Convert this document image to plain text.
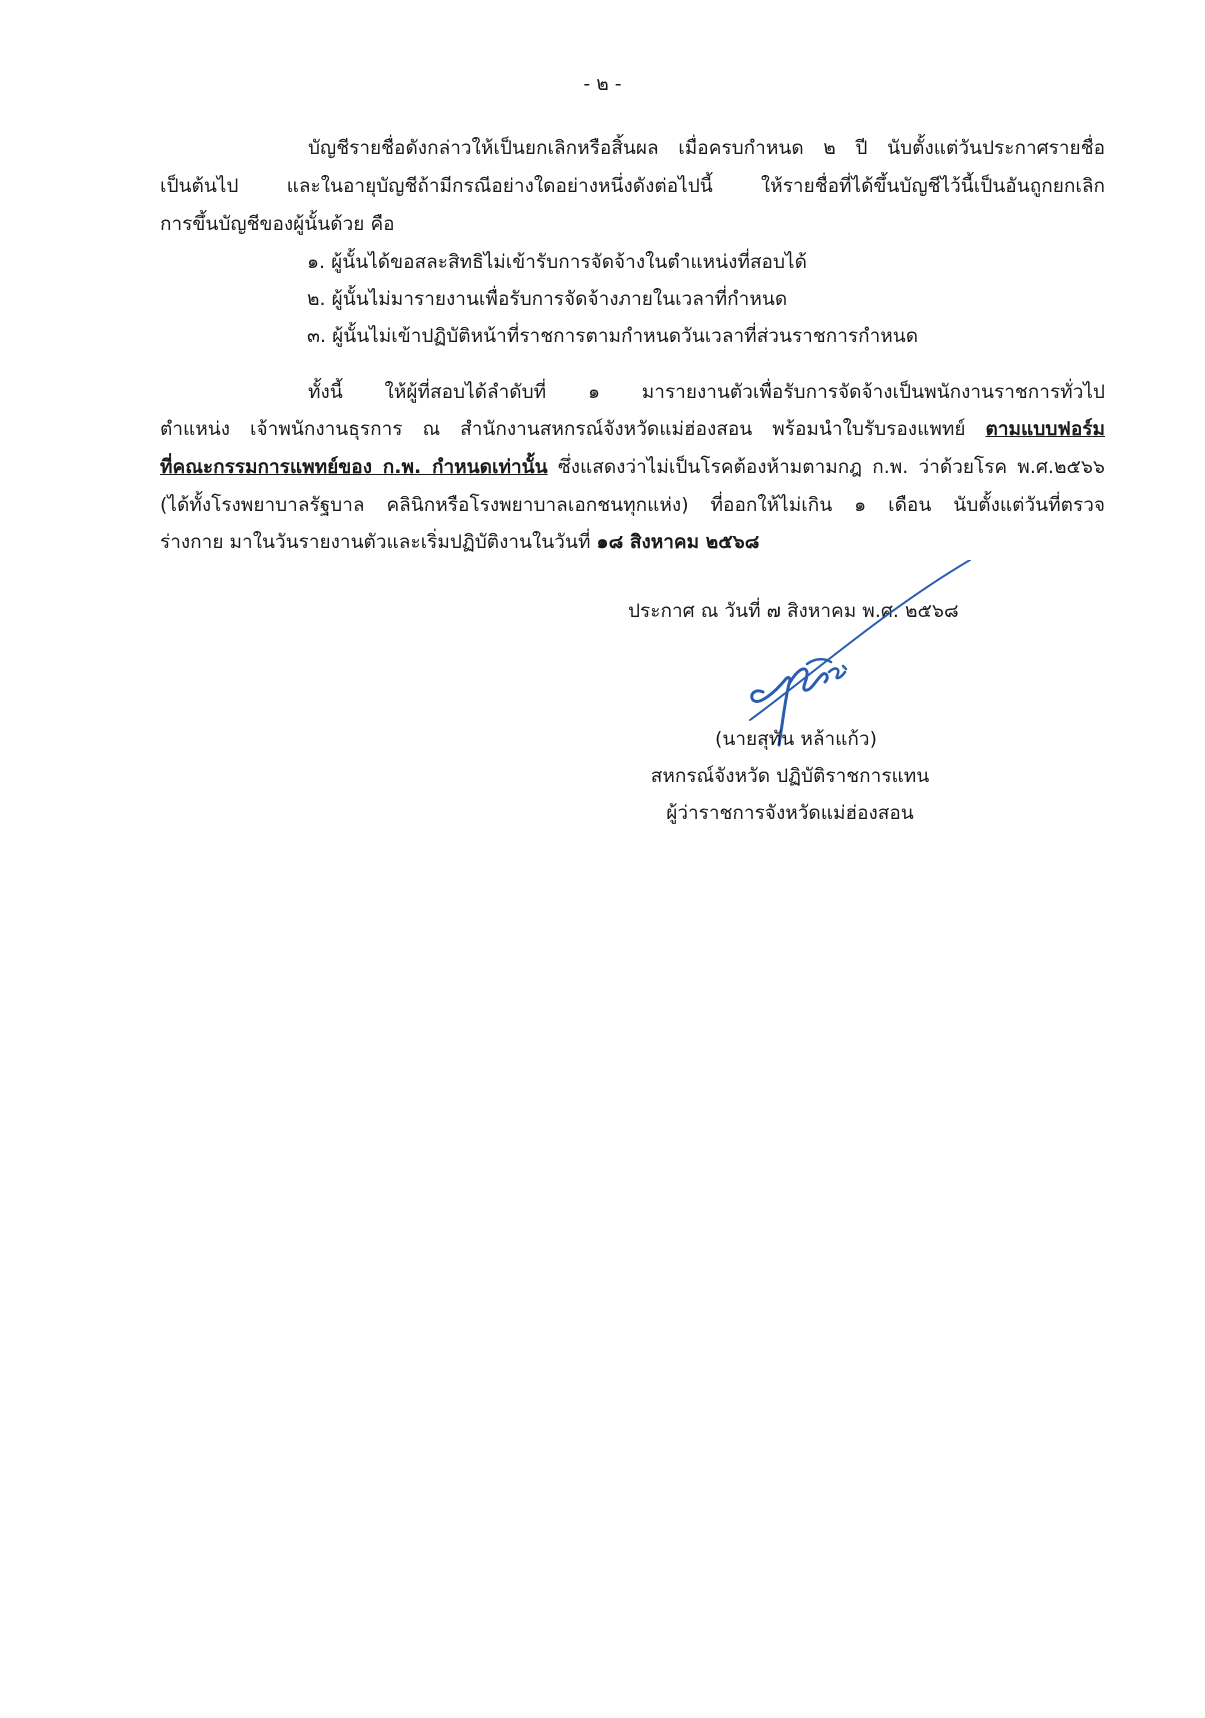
- ๒ -
บัญชีรายชื่อดังกล่าวให้เป็นยกเลิกหรือสิ้นผล เมื่อครบกำหนด ๒ ปี นับตั้งแต่วันประกาศรายชื่อ
เป็นต้นไป และในอายุบัญชีถ้ามีกรณีอย่างใดอย่างหนึ่งดังต่อไปนี้ ให้รายชื่อที่ได้ขึ้นบัญชีไว้นี้เป็นอันถูกยกเลิก
การขึ้นบัญชีของผู้นั้นด้วย คือ
๑. ผู้นั้นได้ขอสละสิทธิไม่เข้ารับการจัดจ้างในตำแหน่งที่สอบได้
๒. ผู้นั้นไม่มารายงานเพื่อรับการจัดจ้างภายในเวลาที่กำหนด
๓. ผู้นั้นไม่เข้าปฏิบัติหน้าที่ราชการตามกำหนดวันเวลาที่ส่วนราชการกำหนด
ทั้งนี้ ให้ผู้ที่สอบได้ลำดับที่ ๑ มารายงานตัวเพื่อรับการจัดจ้างเป็นพนักงานราชการทั่วไป
ตำแหน่ง เจ้าพนักงานธุรการ ณ สำนักงานสหกรณ์จังหวัดแม่ฮ่องสอน พร้อมนำใบรับรองแพทย์ ตามแบบฟอร์ม
ที่คณะกรรมการแพทย์ของ ก.พ. กำหนดเท่านั้น ซึ่งแสดงว่าไม่เป็นโรคต้องห้ามตามกฎ ก.พ. ว่าด้วยโรค พ.ศ.๒๕๖๖
(ได้ทั้งโรงพยาบาลรัฐบาล คลินิกหรือโรงพยาบาลเอกชนทุกแห่ง) ที่ออกให้ไม่เกิน ๑ เดือน นับตั้งแต่วันที่ตรวจ
ร่างกาย มาในวันรายงานตัวและเริ่มปฏิบัติงานในวันที่ ๑๘ สิงหาคม ๒๕๖๘
ประกาศ ณ วันที่ ๗ สิงหาคม พ.ศ. ๒๕๖๘
(นายสุทัน หล้าแก้ว)
สหกรณ์จังหวัด ปฏิบัติราชการแทน
ผู้ว่าราชการจังหวัดแม่ฮ่องสอน
